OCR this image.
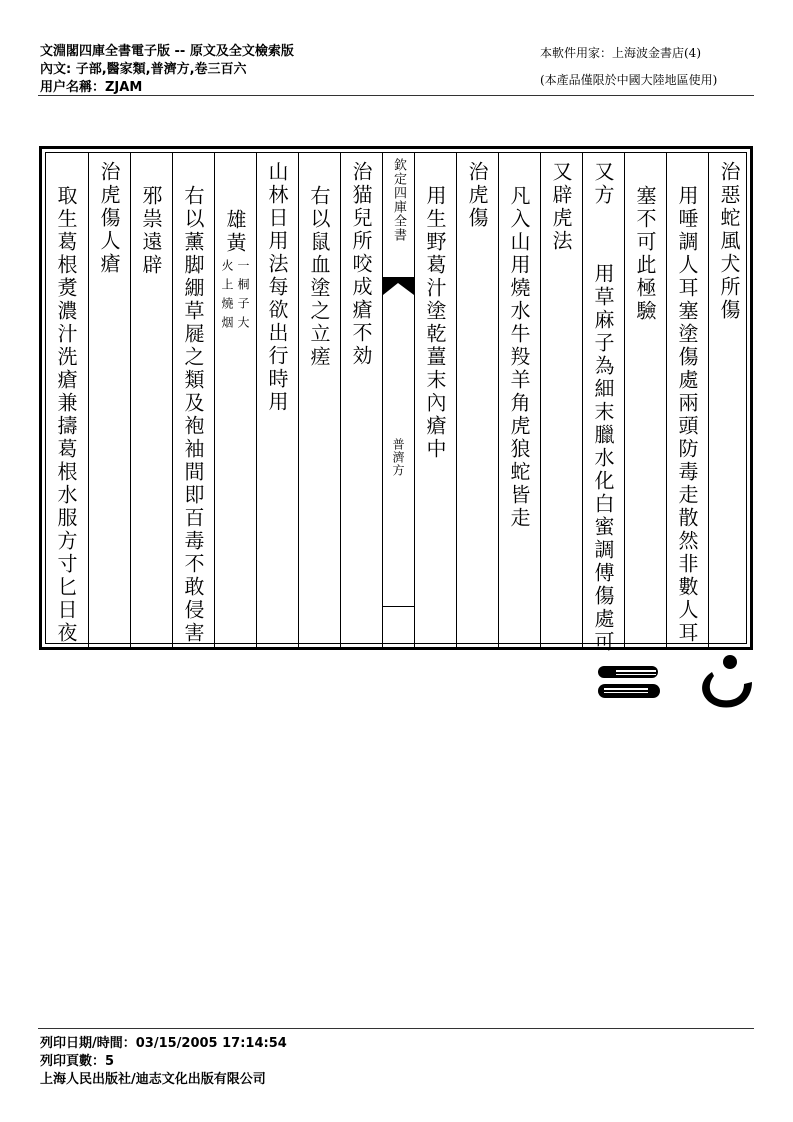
文淵閣四庫全書電子版 -- 原文及全文檢索版
內文: 子部,醫家類,普濟方,卷三百六
用户名稱：ZJAM
本軟件用家：上海波金書店(4)
(本產品僅限於中國大陸地區使用)
治惡蛇風犬所傷
用唾調人耳塞塗傷處兩頭防毒走散然非數人耳
塞不可此極驗
又方
用草麻子為細末臘水化白蜜調傅傷處可
又辟虎法
凡入山用燒水牛羖羊角虎狼蛇皆走
治虎傷
用生野葛汁塗乾薑末內瘡中
欽定四庫全書
普濟方
治猫兒所咬成瘡不効
右以鼠血塗之立瘥
山林日用法每欲出行時用
雄黃
一桐子大
火上燒烟
右以薰脚綳草屣之類及袍袖間即百毒不敢侵害
邪祟遠辟
治虎傷人瘡
取生葛根煑濃汁洗瘡兼擣葛根水服方寸匕日夜
列印日期/時間：03/15/2005 17:14:54
列印頁數：5
上海人民出版社/迪志文化出版有限公司
